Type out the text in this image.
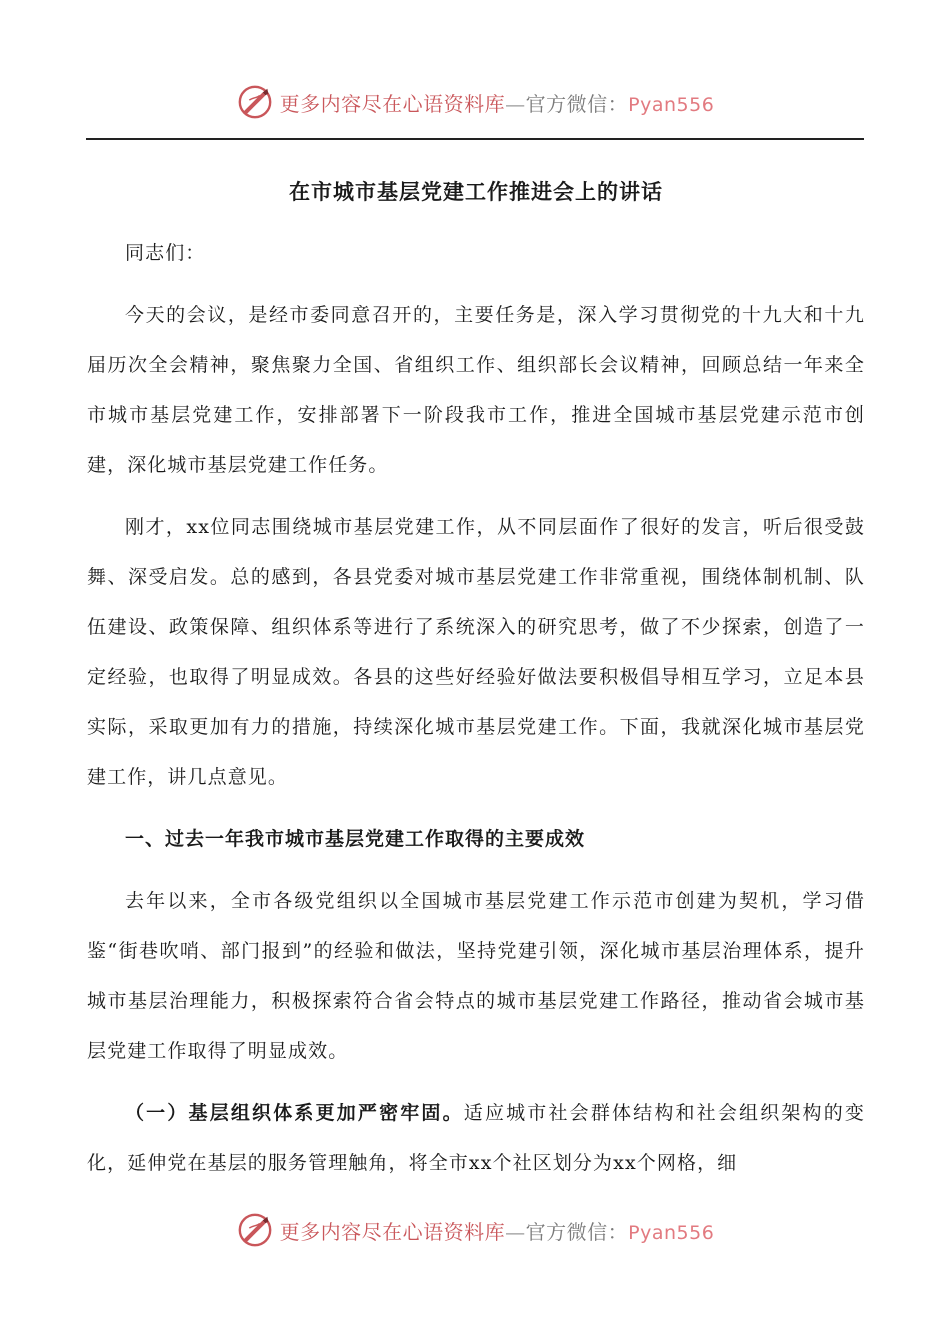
更多内容尽在心语资料库—官方微信：Pyan556
在市城市基层党建工作推进会上的讲话

同志们：

今天的会议，是经市委同意召开的，主要任务是，深入学习贯彻党的十九大和十九届历次全会精神，聚焦聚力全国、省组织工作、组织部长会议精神，回顾总结一年来全市城市基层党建工作，安排部署下一阶段我市工作，推进全国城市基层党建示范市创建，深化城市基层党建工作任务。

刚才，xx位同志围绕城市基层党建工作，从不同层面作了很好的发言，听后很受鼓舞、深受启发。总的感到，各县党委对城市基层党建工作非常重视，围绕体制机制、队伍建设、政策保障、组织体系等进行了系统深入的研究思考，做了不少探索，创造了一定经验，也取得了明显成效。各县的这些好经验好做法要积极倡导相互学习，立足本县实际，采取更加有力的措施，持续深化城市基层党建工作。下面，我就深化城市基层党建工作，讲几点意见。

一、过去一年我市城市基层党建工作取得的主要成效

去年以来，全市各级党组织以全国城市基层党建工作示范市创建为契机，学习借鉴“街巷吹哨、部门报到”的经验和做法，坚持党建引领，深化城市基层治理体系，提升城市基层治理能力，积极探索符合省会特点的城市基层党建工作路径，推动省会城市基层党建工作取得了明显成效。

（一）基层组织体系更加严密牢固。适应城市社会群体结构和社会组织架构的变化，延伸党在基层的服务管理触角，将全市xx个社区划分为xx个网格，细

更多内容尽在心语资料库—官方微信：Pyan556
